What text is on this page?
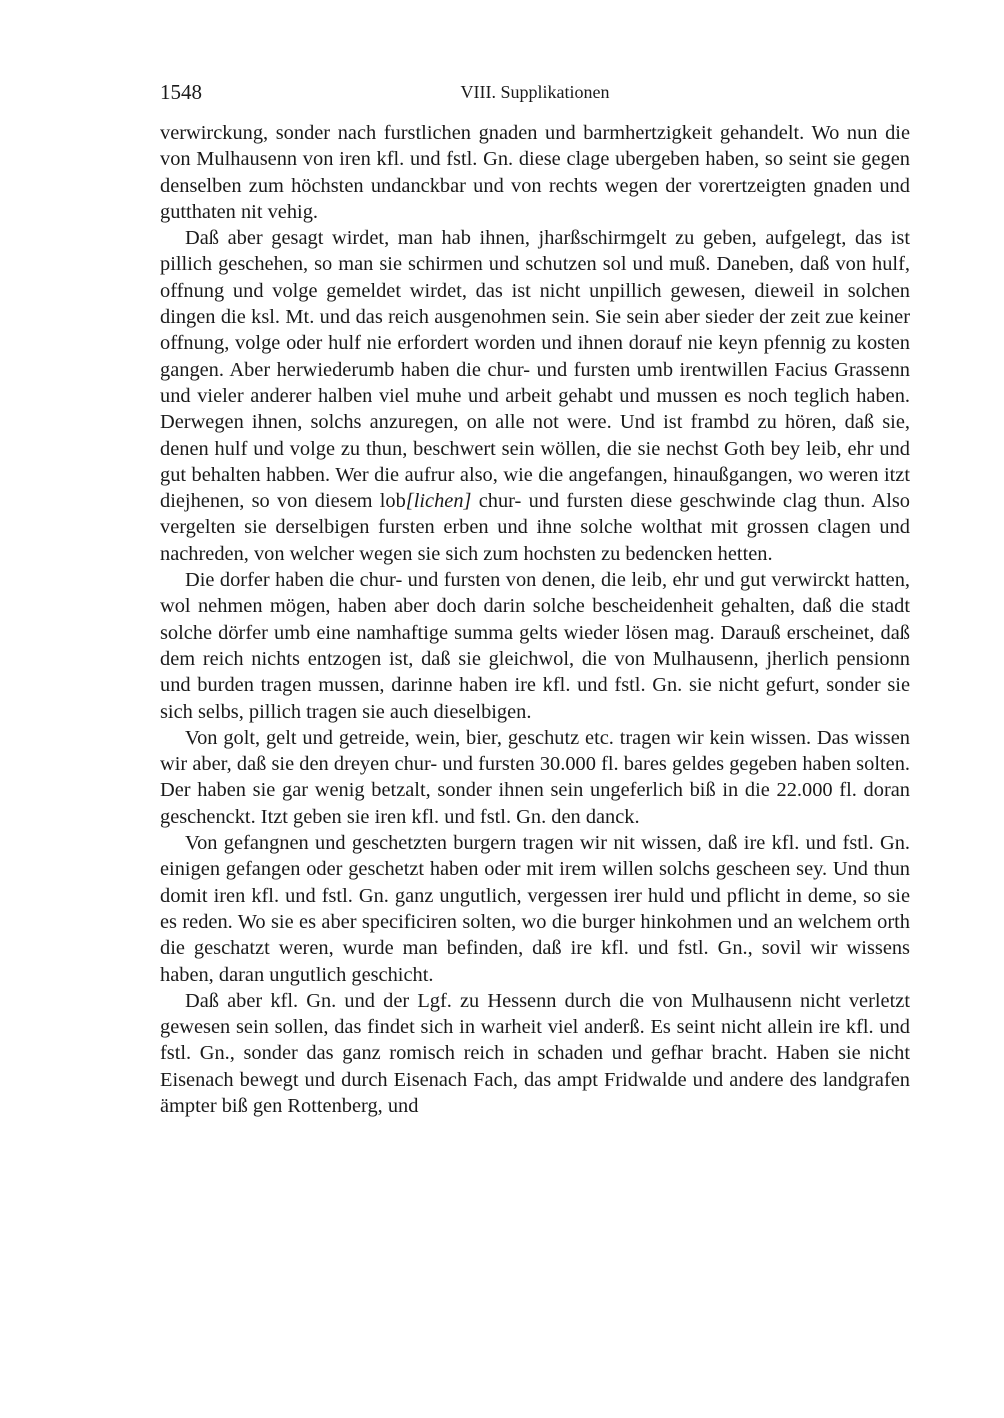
1548	VIII. Supplikationen

verwirckung, sonder nach furstlichen gnaden und barmhertzigkeit gehandelt. Wo nun die von Mulhausenn von iren kfl. und fstl. Gn. diese clage ubergeben haben, so seint sie gegen denselben zum höchsten undanckbar und von rechts wegen der vorertzeigten gnaden und gutthaten nit vehig.

Daß aber gesagt wirdet, man hab ihnen, jharßschirmgelt zu geben, aufgelegt, das ist pillich geschehen, so man sie schirmen und schutzen sol und muß. Daneben, daß von hulf, offnung und volge gemeldet wirdet, das ist nicht unpillich gewesen, dieweil in solchen dingen die ksl. Mt. und das reich ausgenohmen sein. Sie sein aber sieder der zeit zue keiner offnung, volge oder hulf nie erfordert worden und ihnen dorauf nie keyn pfennig zu kosten gangen. Aber herwiederumb haben die chur- und fursten umb irentwillen Facius Grassenn und vieler anderer halben viel muhe und arbeit gehabt und mussen es noch teglich haben. Derwegen ihnen, solchs anzuregen, on alle not were. Und ist frambd zu hören, daß sie, denen hulf und volge zu thun, beschwert sein wöllen, die sie nechst Goth bey leib, ehr und gut behalten habben. Wer die aufrur also, wie die angefangen, hinaußgangen, wo weren itzt diejhenen, so von diesem lob[lichen] chur- und fursten diese geschwinde clag thun. Also vergelten sie derselbigen fursten erben und ihne solche wolthat mit grossen clagen und nachreden, von welcher wegen sie sich zum hochsten zu bedencken hetten.

Die dorfer haben die chur- und fursten von denen, die leib, ehr und gut verwirckt hatten, wol nehmen mögen, haben aber doch darin solche bescheidenheit gehalten, daß die stadt solche dörfer umb eine namhaftige summa gelts wieder lösen mag. Darauß erscheinet, daß dem reich nichts entzogen ist, daß sie gleichwol, die von Mulhausenn, jherlich pensionn und burden tragen mussen, darinne haben ire kfl. und fstl. Gn. sie nicht gefurt, sonder sie sich selbs, pillich tragen sie auch dieselbigen.

Von golt, gelt und getreide, wein, bier, geschutz etc. tragen wir kein wissen. Das wissen wir aber, daß sie den dreyen chur- und fursten 30.000 fl. bares geldes gegeben haben solten. Der haben sie gar wenig betzalt, sonder ihnen sein ungeferlich biß in die 22.000 fl. doran geschenckt. Itzt geben sie iren kfl. und fstl. Gn. den danck.

Von gefangnen und geschetzten burgern tragen wir nit wissen, daß ire kfl. und fstl. Gn. einigen gefangen oder geschetzt haben oder mit irem willen solchs gescheen sey. Und thun domit iren kfl. und fstl. Gn. ganz ungutlich, vergessen irer huld und pflicht in deme, so sie es reden. Wo sie es aber specificiren solten, wo die burger hinkohmen und an welchem orth die geschatzt weren, wurde man befinden, daß ire kfl. und fstl. Gn., sovil wir wissens haben, daran ungutlich geschicht.

Daß aber kfl. Gn. und der Lgf. zu Hessenn durch die von Mulhausenn nicht verletzt gewesen sein sollen, das findet sich in warheit viel anderß. Es seint nicht allein ire kfl. und fstl. Gn., sonder das ganz romisch reich in schaden und gefhar bracht. Haben sie nicht Eisenach bewegt und durch Eisenach Fach, das ampt Fridwalde und andere des landgrafen ämpter biß gen Rottenberg, und
